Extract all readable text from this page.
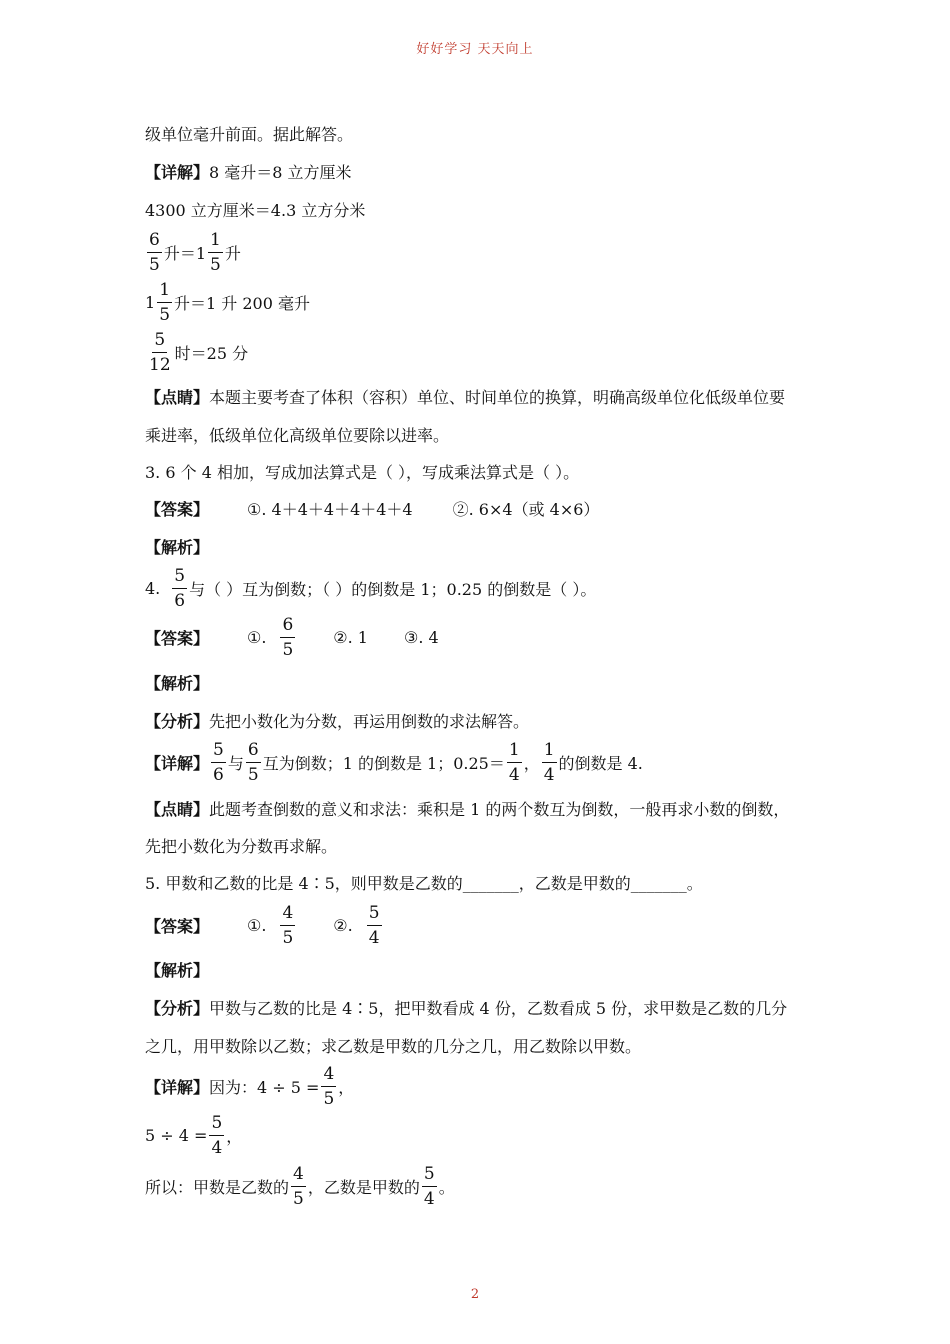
好好学习 天天向上
级单位毫升前面。据此解答。
【详解】 8 毫升＝8 立方厘米
4300 立方厘米＝4.3 立方分米
$\frac{6}{5}$ 升$=1 \frac{1}{5}$ 升
$1 \frac{1}{5}$ 升＝1 升 200 毫升
$\frac{5}{12}$ 时＝25 分
【点睛】 本题主要考查了体积（容积）单位、时间单位的换算，明确高级单位化低级单位要
乘进率，低级单位化高级单位要除以进率。
3. 6 个 4 相加，写成加法算式是（ ），写成乘法算式是（ ）。
【答案】 ①. 4＋4＋4＋4＋4＋4	②. 6×4（或 4×6）
【解析】
4. $\frac{5}{6}$ 与（ ）互为倒数；（ ）的倒数是 1；0.25 的倒数是（ ）。
【答案】 ①. $\frac{6}{5}$ ②. 1 ③. 4
【解析】
【分析】 先把小数化为分数，再运用倒数的求法解答。
【详解】 $\frac{5}{6}$ 与 $\frac{6}{5}$ 互为倒数；1 的倒数是 1；$0.25= \frac{1}{4}$ ， $\frac{1}{4}$ 的倒数是 4.
【点睛】 此题考查倒数的意义和求法：乘积是 1 的两个数互为倒数，一般再求小数的倒数，
先把小数化为分数再求解。
5. 甲数和乙数的比是 4∶5，则甲数是乙数的_______，乙数是甲数的_______。
【答案】 ①. $\frac{4}{5}$ ②. $\frac{5}{4}$
【解析】
【分析】 甲数与乙数的比是 4∶5，把甲数看成 4 份，乙数看成 5 份，求甲数是乙数的几分
之几，用甲数除以乙数；求乙数是甲数的几分之几，用乙数除以甲数。
【详解】 因为：$4 \div 5 = \frac{4}{5}$ ，
$5 \div 4 = \frac{5}{4}$ ，
所以：甲数是乙数的 $\frac{4}{5}$ ，乙数是甲数的 $\frac{5}{4}$ 。
2
